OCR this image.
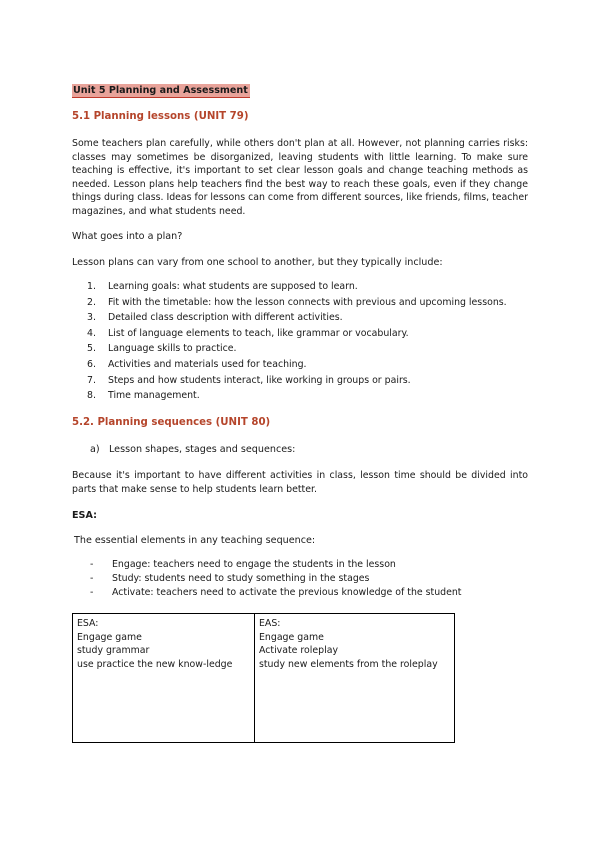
Unit 5 Planning and Assessment
5.1 Planning lessons (UNIT 79)
Some teachers plan carefully, while others don't plan at all. However, not planning carries risks: classes may sometimes be disorganized, leaving students with little learning. To make sure teaching is effective, it's important to set clear lesson goals and change teaching methods as needed. Lesson plans help teachers find the best way to reach these goals, even if they change things during class. Ideas for lessons can come from different sources, like friends, films, teacher magazines, and what students need.
What goes into a plan?
Lesson plans can vary from one school to another, but they typically include:
1. Learning goals: what students are supposed to learn.
2. Fit with the timetable: how the lesson connects with previous and upcoming lessons.
3. Detailed class description with different activities.
4. List of language elements to teach, like grammar or vocabulary.
5. Language skills to practice.
6. Activities and materials used for teaching.
7. Steps and how students interact, like working in groups or pairs.
8. Time management.
5.2. Planning sequences (UNIT 80)
a) Lesson shapes, stages and sequences:
Because it's important to have different activities in class, lesson time should be divided into parts that make sense to help students learn better.
ESA:
The essential elements in any teaching sequence:
- Engage: teachers need to engage the students in the lesson
- Study: students need to study something in the stages
- Activate: teachers need to activate the previous knowledge of the student
ESA:
Engage game
study grammar
use practice the new know-ledge
EAS:
Engage game
Activate roleplay
study new elements from the roleplay
